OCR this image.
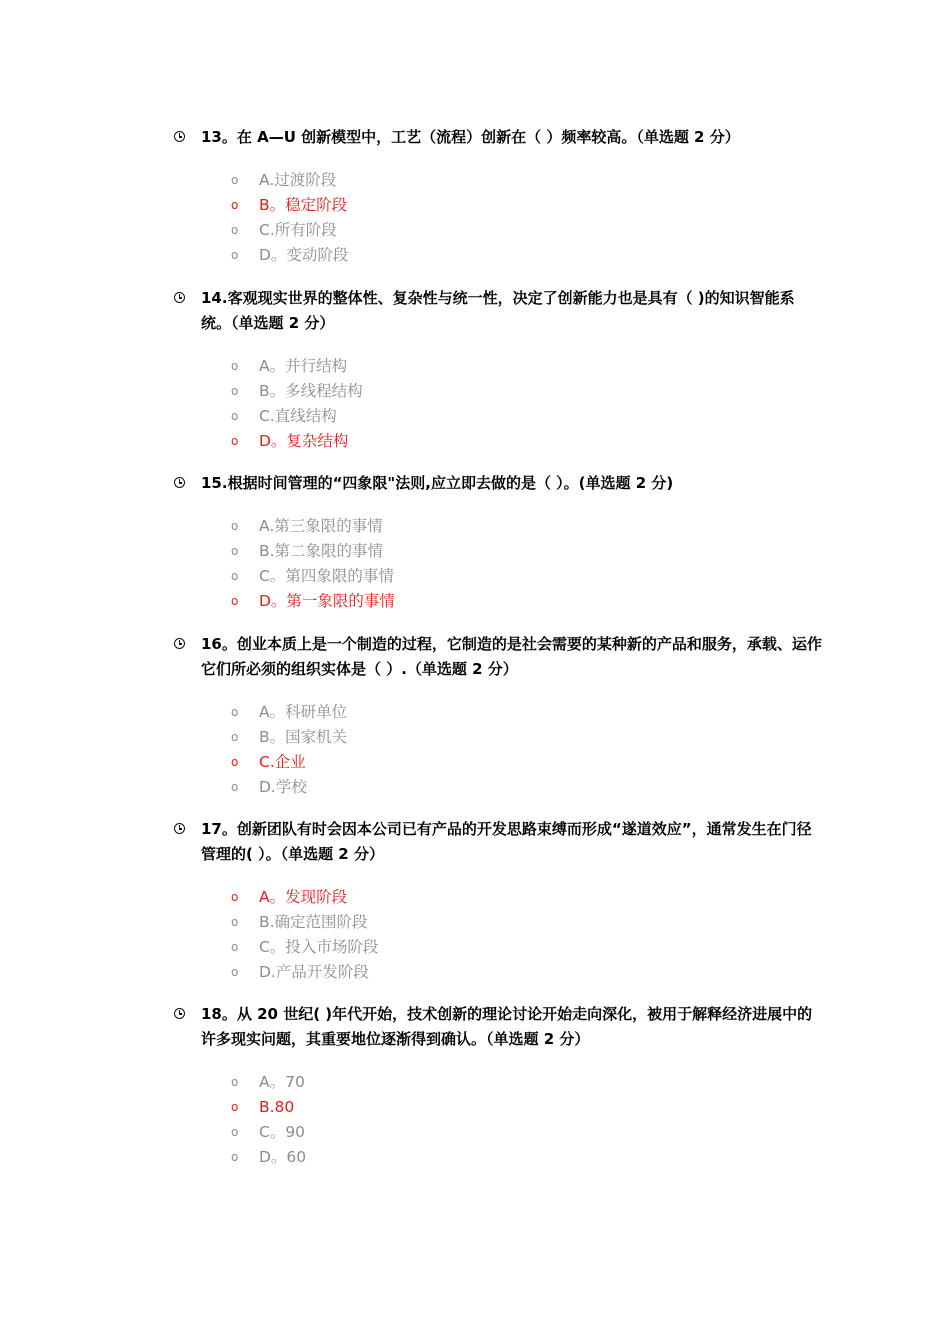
13。在 A—U 创新模型中，工艺（流程）创新在（ ）频率较高。（单选题 2 分）
o A.过渡阶段
o B。稳定阶段
o C.所有阶段
o D。变动阶段
14.客观现实世界的整体性、复杂性与统一性，决定了创新能力也是具有（ )的知识智能系统。（单选题 2 分）
o A。并行结构
o B。多线程结构
o C.直线结构
o D。复杂结构
15.根据时间管理的“四象限"法则,应立即去做的是（ ）。(单选题 2 分)
o A.第三象限的事情
o B.第二象限的事情
o C。第四象限的事情
o D。第一象限的事情
16。创业本质上是一个制造的过程，它制造的是社会需要的某种新的产品和服务，承载、运作它们所必须的组织实体是（ ）.（单选题 2 分）
o A。科研单位
o B。国家机关
o C.企业
o D.学校
17。创新团队有时会因本公司已有产品的开发思路束缚而形成“遂道效应”，通常发生在门径管理的( ）。（单选题 2 分）
o A。发现阶段
o B.确定范围阶段
o C。投入市场阶段
o D.产品开发阶段
18。从 20 世纪( )年代开始，技术创新的理论讨论开始走向深化，被用于解释经济进展中的许多现实问题，其重要地位逐渐得到确认。（单选题 2 分）
o A。70
o B.80
o C。90
o D。60
